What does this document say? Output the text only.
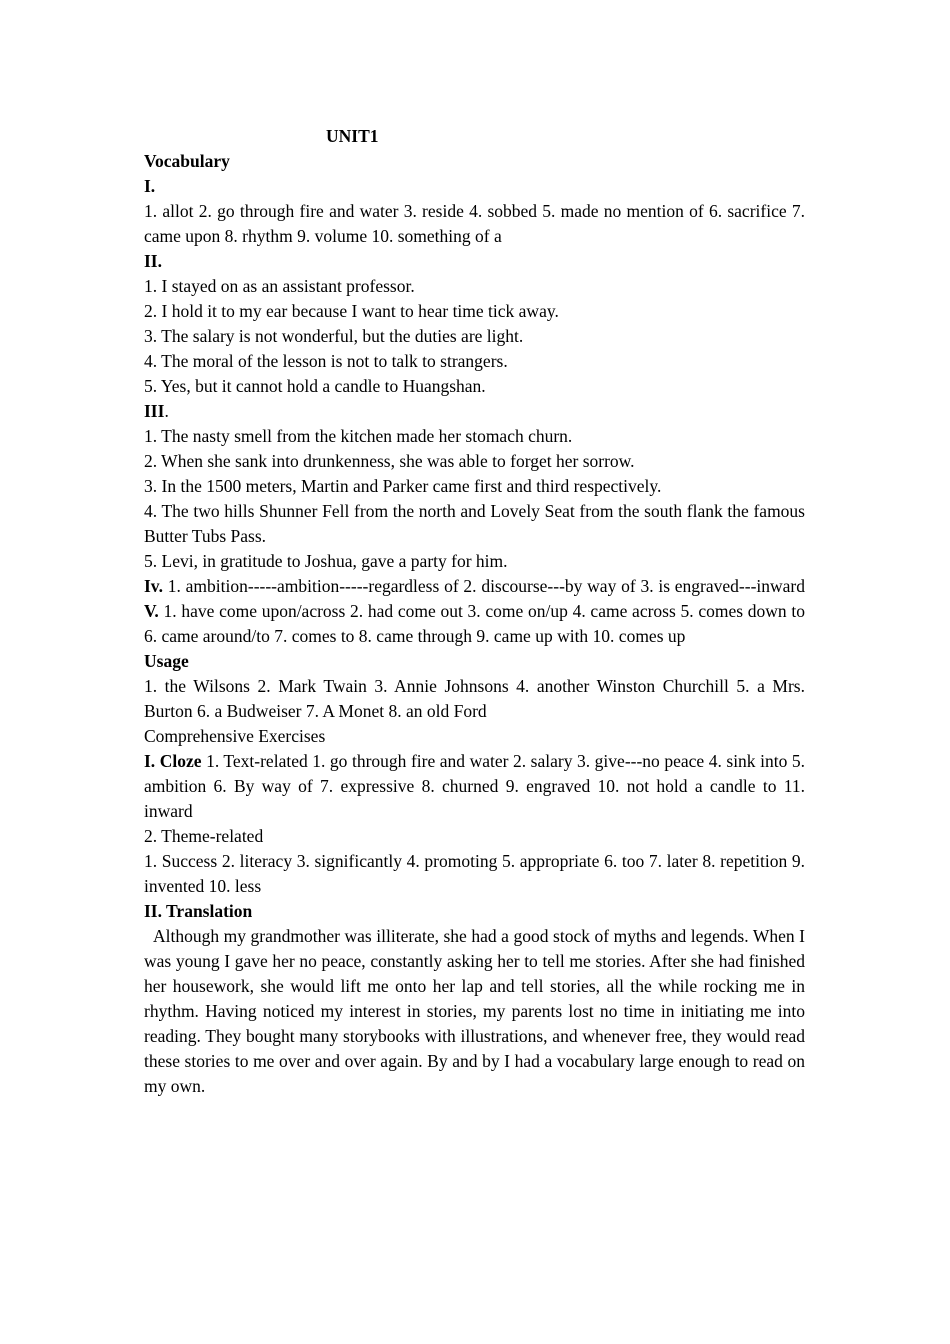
UNIT1

Vocabulary

I.

1. allot 2. go through fire and water 3. reside 4. sobbed 5. made no mention of 6. sacrifice 7. came upon 8. rhythm 9. volume 10. something of a

II.

1. I stayed on as an assistant professor.

2. I hold it to my ear because I want to hear time tick away.

3. The salary is not wonderful, but the duties are light.

4. The moral of the lesson is not to talk to strangers.

5. Yes, but it cannot hold a candle to Huangshan.

III.

1. The nasty smell from the kitchen made her stomach churn.

2. When she sank into drunkenness, she was able to forget her sorrow.

3. In the 1500 meters, Martin and Parker came first and third respectively.

4. The two hills Shunner Fell from the north and Lovely Seat from the south flank the famous Butter Tubs Pass.

5. Levi, in gratitude to Joshua, gave a party for him.

Iv. 1. ambition-----ambition-----regardless of 2. discourse---by way of 3. is engraved---inward V. 1. have come upon/across 2. had come out 3. come on/up 4. came across 5. comes down to 6. came around/to 7. comes to 8. came through 9. came up with 10. comes up

Usage

1. the Wilsons 2. Mark Twain 3. Annie Johnsons 4. another Winston Churchill 5. a Mrs. Burton 6. a Budweiser 7. A Monet 8. an old Ford

Comprehensive Exercises

I. Cloze 1. Text-related 1. go through fire and water 2. salary 3. give---no peace 4. sink into 5. ambition 6. By way of 7. expressive 8. churned 9. engraved 10. not hold a candle to 11. inward

2. Theme-related

1. Success 2. literacy 3. significantly 4. promoting 5. appropriate 6. too 7. later 8. repetition 9. invented 10. less

II. Translation

Although my grandmother was illiterate, she had a good stock of myths and legends. When I was young I gave her no peace, constantly asking her to tell me stories. After she had finished her housework, she would lift me onto her lap and tell stories, all the while rocking me in rhythm. Having noticed my interest in stories, my parents lost no time in initiating me into reading. They bought many storybooks with illustrations, and whenever free, they would read these stories to me over and over again. By and by I had a vocabulary large enough to read on my own.
